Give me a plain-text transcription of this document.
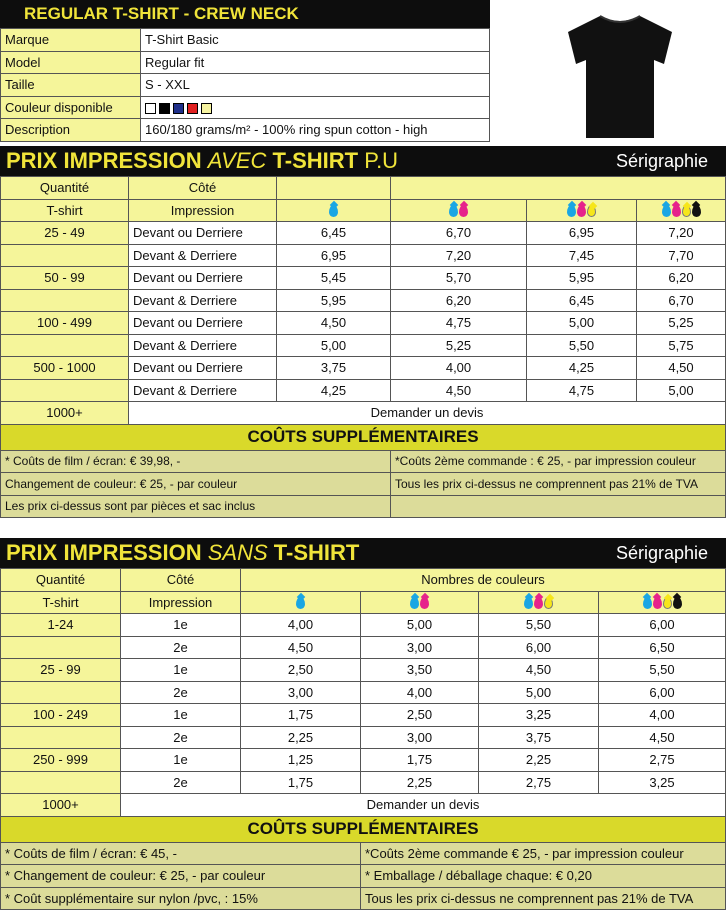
REGULAR T-SHIRT - CREW NECK
Marque	T-Shirt Basic
Model	Regular fit
Taille	S - XXL
Couleur disponible	
Description	160/180 grams/m² - 100% ring spun cotton - high
PRIX IMPRESSION AVEC T-SHIRT P.U	Sérigraphie
Quantité	Côté				
T-shirt	Impression				
25 - 49	Devant ou Derriere	6,45	6,70	6,95	7,20
	Devant & Derriere	6,95	7,20	7,45	7,70
50 - 99	Devant ou Derriere	5,45	5,70	5,95	6,20
	Devant & Derriere	5,95	6,20	6,45	6,70
100 - 499	Devant ou Derriere	4,50	4,75	5,00	5,25
	Devant & Derriere	5,00	5,25	5,50	5,75
500 - 1000	Devant ou Derriere	3,75	4,00	4,25	4,50
	Devant & Derriere	4,25	4,50	4,75	5,00
1000+	Demander un devis				
COÛTS SUPPLÉMENTAIRES					
* Coûts de film / écran: € 39,98, -			*Coûts 2ème commande : € 25, - par impression couleur		
Changement de couleur: € 25, - par couleur			Tous les prix ci-dessus ne comprennent pas 21% de TVA		
Les prix ci-dessus sont par pièces et sac inclus					
PRIX IMPRESSION SANS T-SHIRT	Sérigraphie
Quantité	Côté	Nombres de couleurs			
T-shirt	Impression				
1-24	1e	4,00	5,00	5,50	6,00
	2e	4,50	3,00	6,00	6,50
25 - 99	1e	2,50	3,50	4,50	5,50
	2e	3,00	4,00	5,00	6,00
100 - 249	1e	1,75	2,50	3,25	4,00
	2e	2,25	3,00	3,75	4,50
250 - 999	1e	1,25	1,75	2,25	2,75
	2e	1,75	2,25	2,75	3,25
1000+	Demander un devis				
COÛTS SUPPLÉMENTAIRES					
* Coûts de film / écran: € 45, -			*Coûts 2ème commande € 25, - par impression couleur		
* Changement de couleur: € 25, - par couleur			* Emballage / déballage chaque: € 0,20		
* Coût supplémentaire sur nylon /pvc, : 15%			Tous les prix ci-dessus ne comprennent pas 21% de TVA		
